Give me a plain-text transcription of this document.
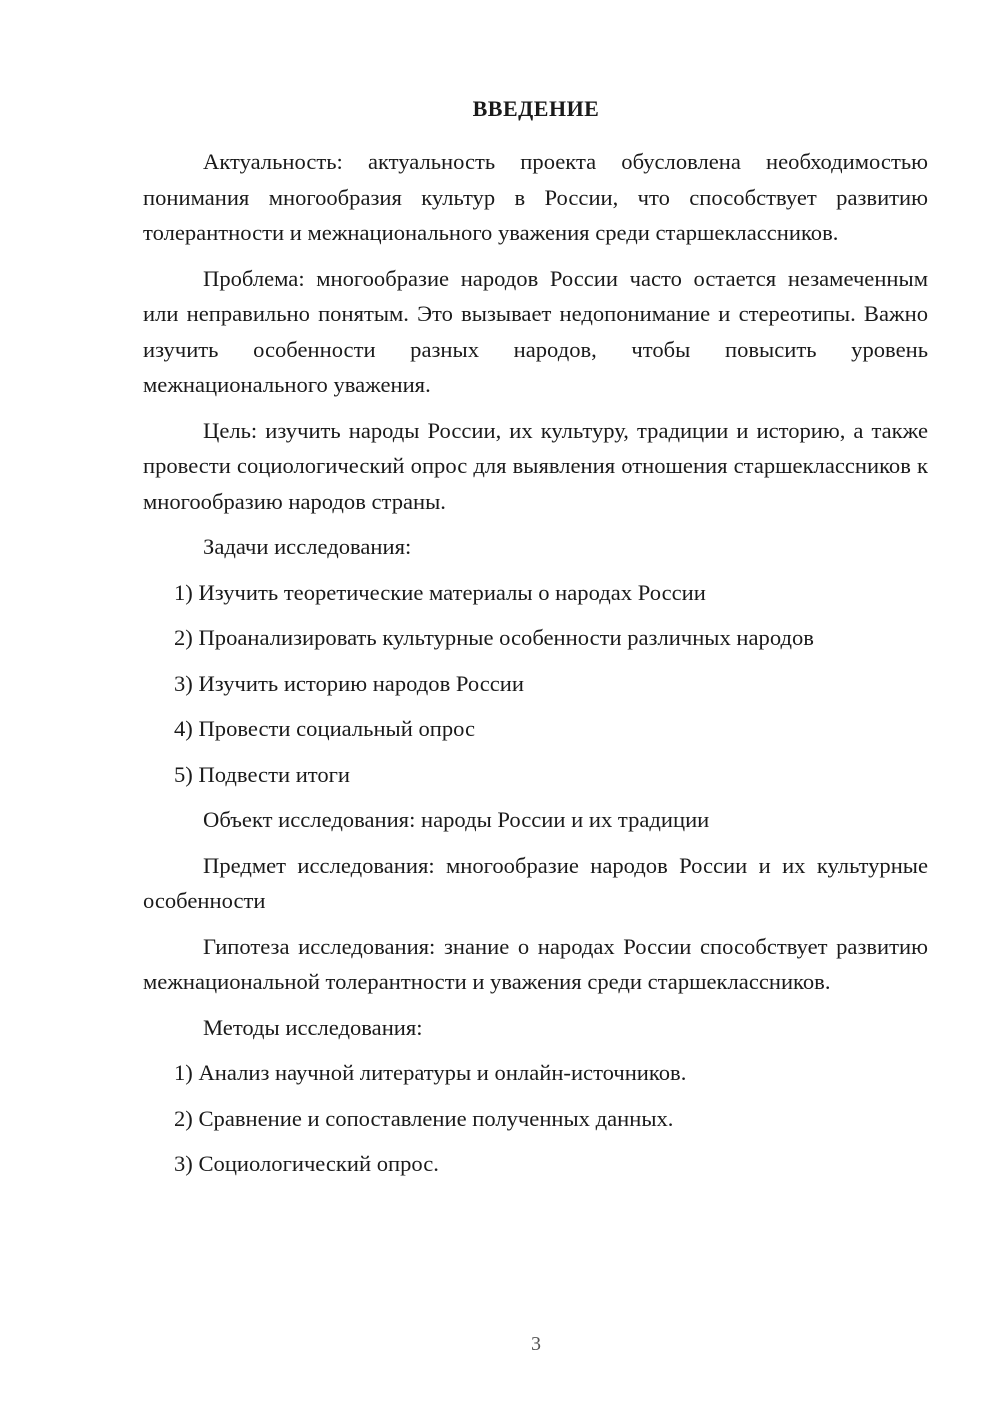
ВВЕДЕНИЕ

Актуальность: актуальность проекта обусловлена необходимостью понимания многообразия культур в России, что способствует развитию толерантности и межнационального уважения среди старшеклассников.

Проблема: многообразие народов России часто остается незамеченным или неправильно понятым. Это вызывает недопонимание и стереотипы. Важно изучить особенности разных народов, чтобы повысить уровень межнационального уважения.

Цель: изучить народы России, их культуру, традиции и историю, а также провести социологический опрос для выявления отношения старшеклассников к многообразию народов страны.

Задачи исследования:

1) Изучить теоретические материалы о народах России

2) Проанализировать культурные особенности различных народов

3) Изучить историю народов России

4) Провести социальный опрос

5) Подвести итоги

Объект исследования: народы России и их традиции

Предмет исследования: многообразие народов России и их культурные особенности

Гипотеза исследования: знание о народах России способствует развитию межнациональной толерантности и уважения среди старшеклассников.

Методы исследования:

1) Анализ научной литературы и онлайн-источников.

2) Сравнение и сопоставление полученных данных.

3) Социологический опрос.

3
